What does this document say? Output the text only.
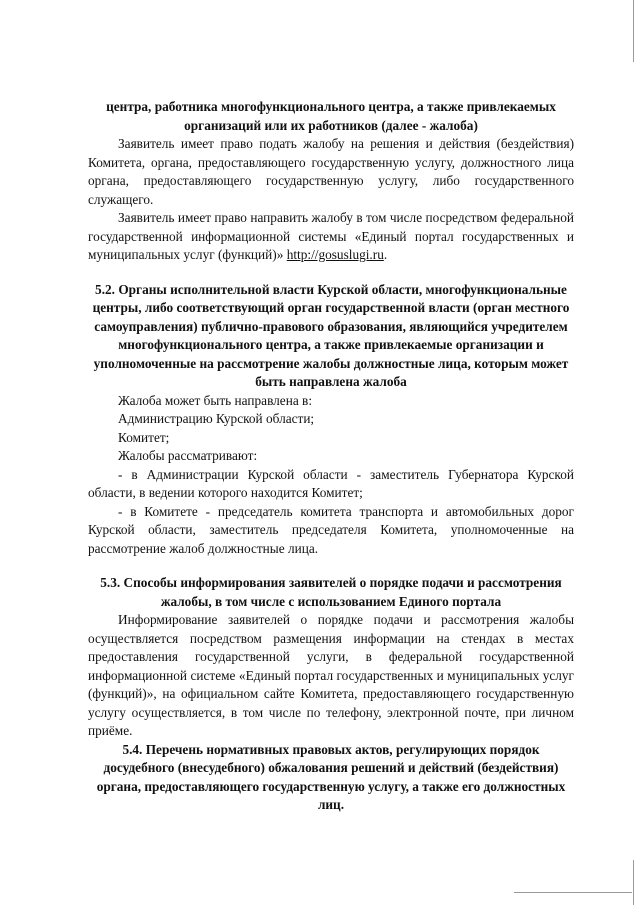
центра, работника многофункционального центра, а также привлекаемых организаций или их работников (далее - жалоба)

Заявитель имеет право подать жалобу на решения и действия (бездействия) Комитета, органа, предоставляющего государственную услугу, должностного лица органа, предоставляющего государственную услугу, либо государственного служащего.

Заявитель имеет право направить жалобу в том числе посредством федеральной государственной информационной системы «Единый портал государственных и муниципальных услуг (функций)» http://gosuslugi.ru.

5.2. Органы исполнительной власти Курской области, многофункциональные центры, либо соответствующий орган государственной власти (орган местного самоуправления) публично-правового образования, являющийся учредителем многофункционального центра, а также привлекаемые организации и уполномоченные на рассмотрение жалобы должностные лица, которым может быть направлена жалоба

Жалоба может быть направлена в:

Администрацию Курской области;

Комитет;

Жалобы рассматривают:

- в Администрации Курской области - заместитель Губернатора Курской области, в ведении которого находится Комитет;

- в Комитете - председатель комитета транспорта и автомобильных дорог Курской области, заместитель председателя Комитета, уполномоченные на рассмотрение жалоб должностные лица.

5.3. Способы информирования заявителей о порядке подачи и рассмотрения жалобы, в том числе с использованием Единого портала

Информирование заявителей о порядке подачи и рассмотрения жалобы осуществляется посредством размещения информации на стендах в местах предоставления государственной услуги, в федеральной государственной информационной системе «Единый портал государственных и муниципальных услуг (функций)», на официальном сайте Комитета, предоставляющего государственную услугу осуществляется, в том числе по телефону, электронной почте, при личном приёме.

5.4. Перечень нормативных правовых актов, регулирующих порядок досудебного (внесудебного) обжалования решений и действий (бездействия) органа, предоставляющего государственную услугу, а также его должностных лиц.
